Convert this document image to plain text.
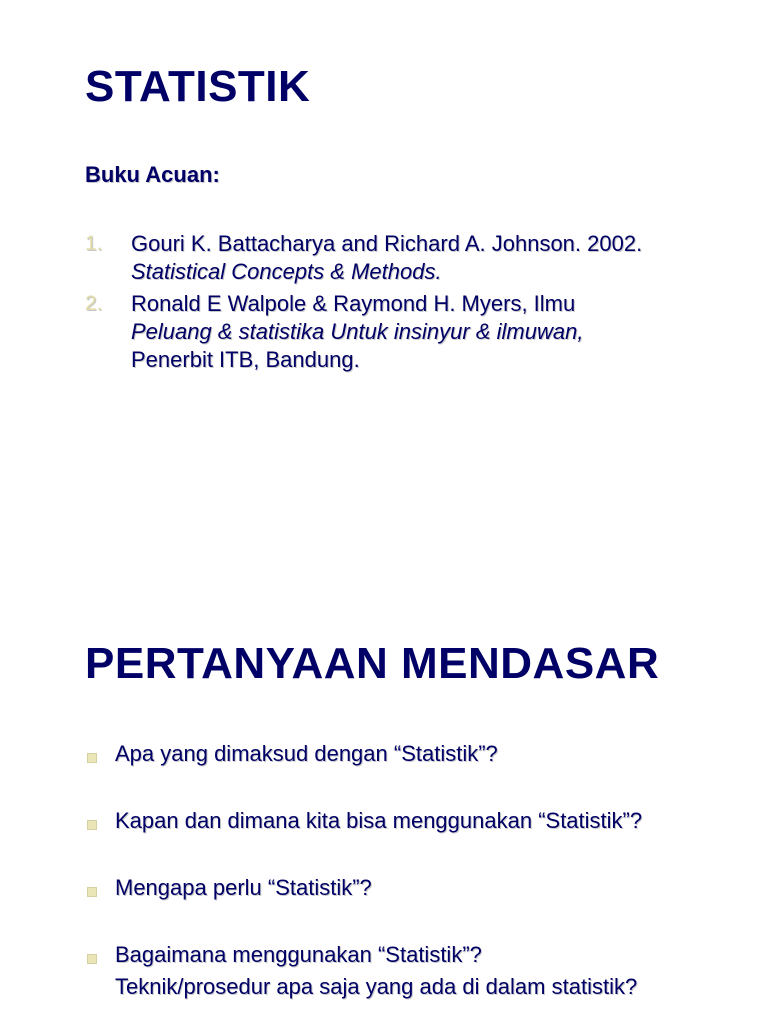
STATISTIK
Buku Acuan:
1. Gouri K. Battacharya and Richard A. Johnson. 2002.
Statistical Concepts & Methods.
2. Ronald E Walpole & Raymond H. Myers, Ilmu
Peluang & statistika Untuk insinyur & ilmuwan,
Penerbit ITB, Bandung.
PERTANYAAN MENDASAR
Apa yang dimaksud dengan “Statistik”?
Kapan dan dimana kita bisa menggunakan “Statistik”?
Mengapa perlu “Statistik”?
Bagaimana menggunakan “Statistik”?
Teknik/prosedur apa saja yang ada di dalam statistik?
